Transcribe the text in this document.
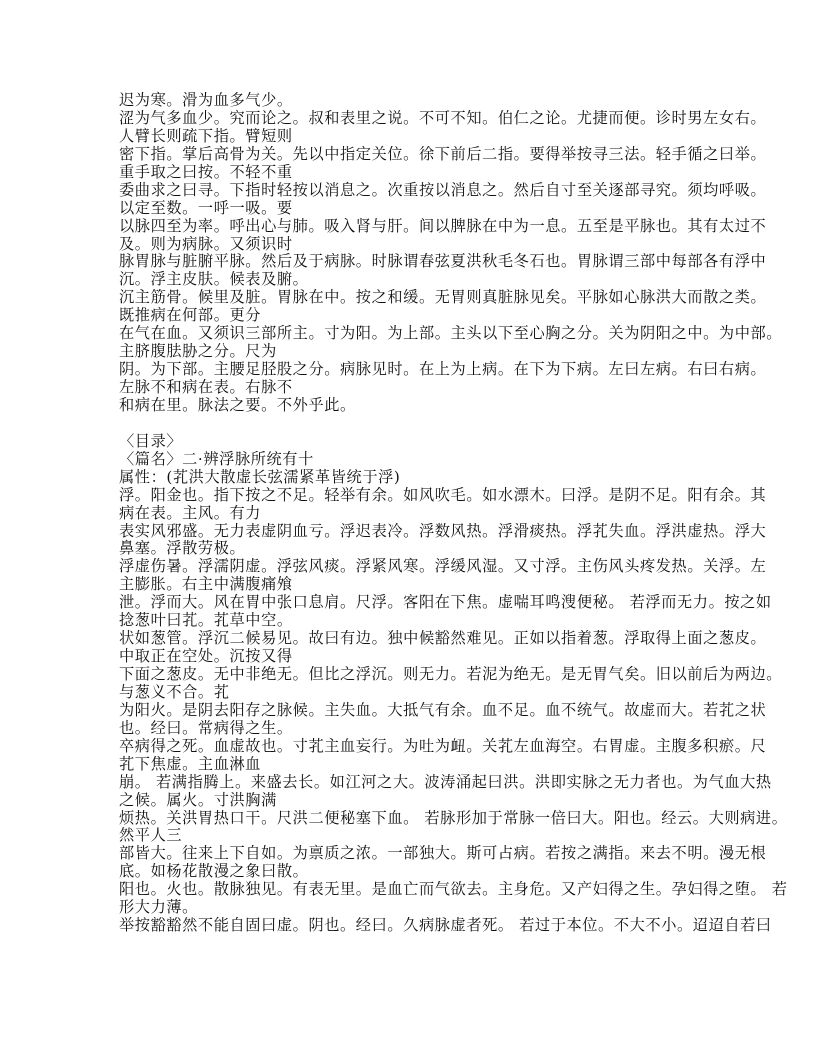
迟为寒。滑为血多气少。
涩为气多血少。究而论之。叔和表里之说。不可不知。伯仁之论。尤捷而便。诊时男左女右。
人臂长则疏下指。臂短则
密下指。掌后高骨为关。先以中指定关位。徐下前后二指。要得举按寻三法。轻手循之曰举。
重手取之曰按。不轻不重
委曲求之曰寻。下指时轻按以消息之。次重按以消息之。然后自寸至关逐部寻究。须均呼吸。
以定至数。一呼一吸。要
以脉四至为率。呼出心与肺。吸入肾与肝。间以脾脉在中为一息。五至是平脉也。其有太过不
及。则为病脉。又须识时
脉胃脉与脏腑平脉。然后及于病脉。时脉谓春弦夏洪秋毛冬石也。胃脉谓三部中每部各有浮中
沉。浮主皮肤。候表及腑。
沉主筋骨。候里及脏。胃脉在中。按之和缓。无胃则真脏脉见矣。平脉如心脉洪大而散之类。
既推病在何部。更分
在气在血。又须识三部所主。寸为阳。为上部。主头以下至心胸之分。关为阴阳之中。为中部。
主脐腹胠胁之分。尺为
阴。为下部。主腰足胫股之分。病脉见时。在上为上病。在下为下病。左曰左病。右曰右病。
左脉不和病在表。右脉不
和病在里。脉法之要。不外乎此。
〈目录〉
〈篇名〉二·辨浮脉所统有十
属性：(芤洪大散虚长弦濡紧革皆统于浮)
浮。阳金也。指下按之不足。轻举有余。如风吹毛。如水漂木。曰浮。是阴不足。阳有余。其
病在表。主风。有力
表实风邪盛。无力表虚阴血亏。浮迟表冷。浮数风热。浮滑痰热。浮芤失血。浮洪虚热。浮大
鼻塞。浮散劳极。
浮虚伤暑。浮濡阴虚。浮弦风痰。浮紧风寒。浮缓风湿。又寸浮。主伤风头疼发热。关浮。左
主膨胀。右主中满腹痛飧
泄。浮而大。风在胃中张口息肩。尺浮。客阳在下焦。虚喘耳鸣溲便秘。 若浮而无力。按之如
捻葱叶曰芤。芤草中空。
状如葱管。浮沉二候易见。故曰有边。独中候豁然难见。正如以指着葱。浮取得上面之葱皮。
中取正在空处。沉按又得
下面之葱皮。无中非绝无。但比之浮沉。则无力。若泥为绝无。是无胃气矣。旧以前后为两边。
与葱义不合。芤
为阳火。是阴去阳存之脉候。主失血。大抵气有余。血不足。血不统气。故虚而大。若芤之状
也。经曰。常病得之生。
卒病得之死。血虚故也。寸芤主血妄行。为吐为衄。关芤左血海空。右胃虚。主腹多积瘀。尺
芤下焦虚。主血淋血
崩。 若满指腾上。来盛去长。如江河之大。波涛涌起曰洪。洪即实脉之无力者也。为气血大热
之候。属火。寸洪胸满
烦热。关洪胃热口干。尺洪二便秘塞下血。 若脉形加于常脉一倍曰大。阳也。经云。大则病进。
然平人三
部皆大。往来上下自如。为禀质之浓。一部独大。斯可占病。若按之满指。来去不明。漫无根
底。如杨花散漫之象曰散。
阳也。火也。散脉独见。有表无里。是血亡而气欲去。主身危。又产妇得之生。孕妇得之堕。 若
形大力薄。
举按豁豁然不能自固曰虚。阴也。经曰。久病脉虚者死。 若过于本位。不大不小。迢迢自若曰
